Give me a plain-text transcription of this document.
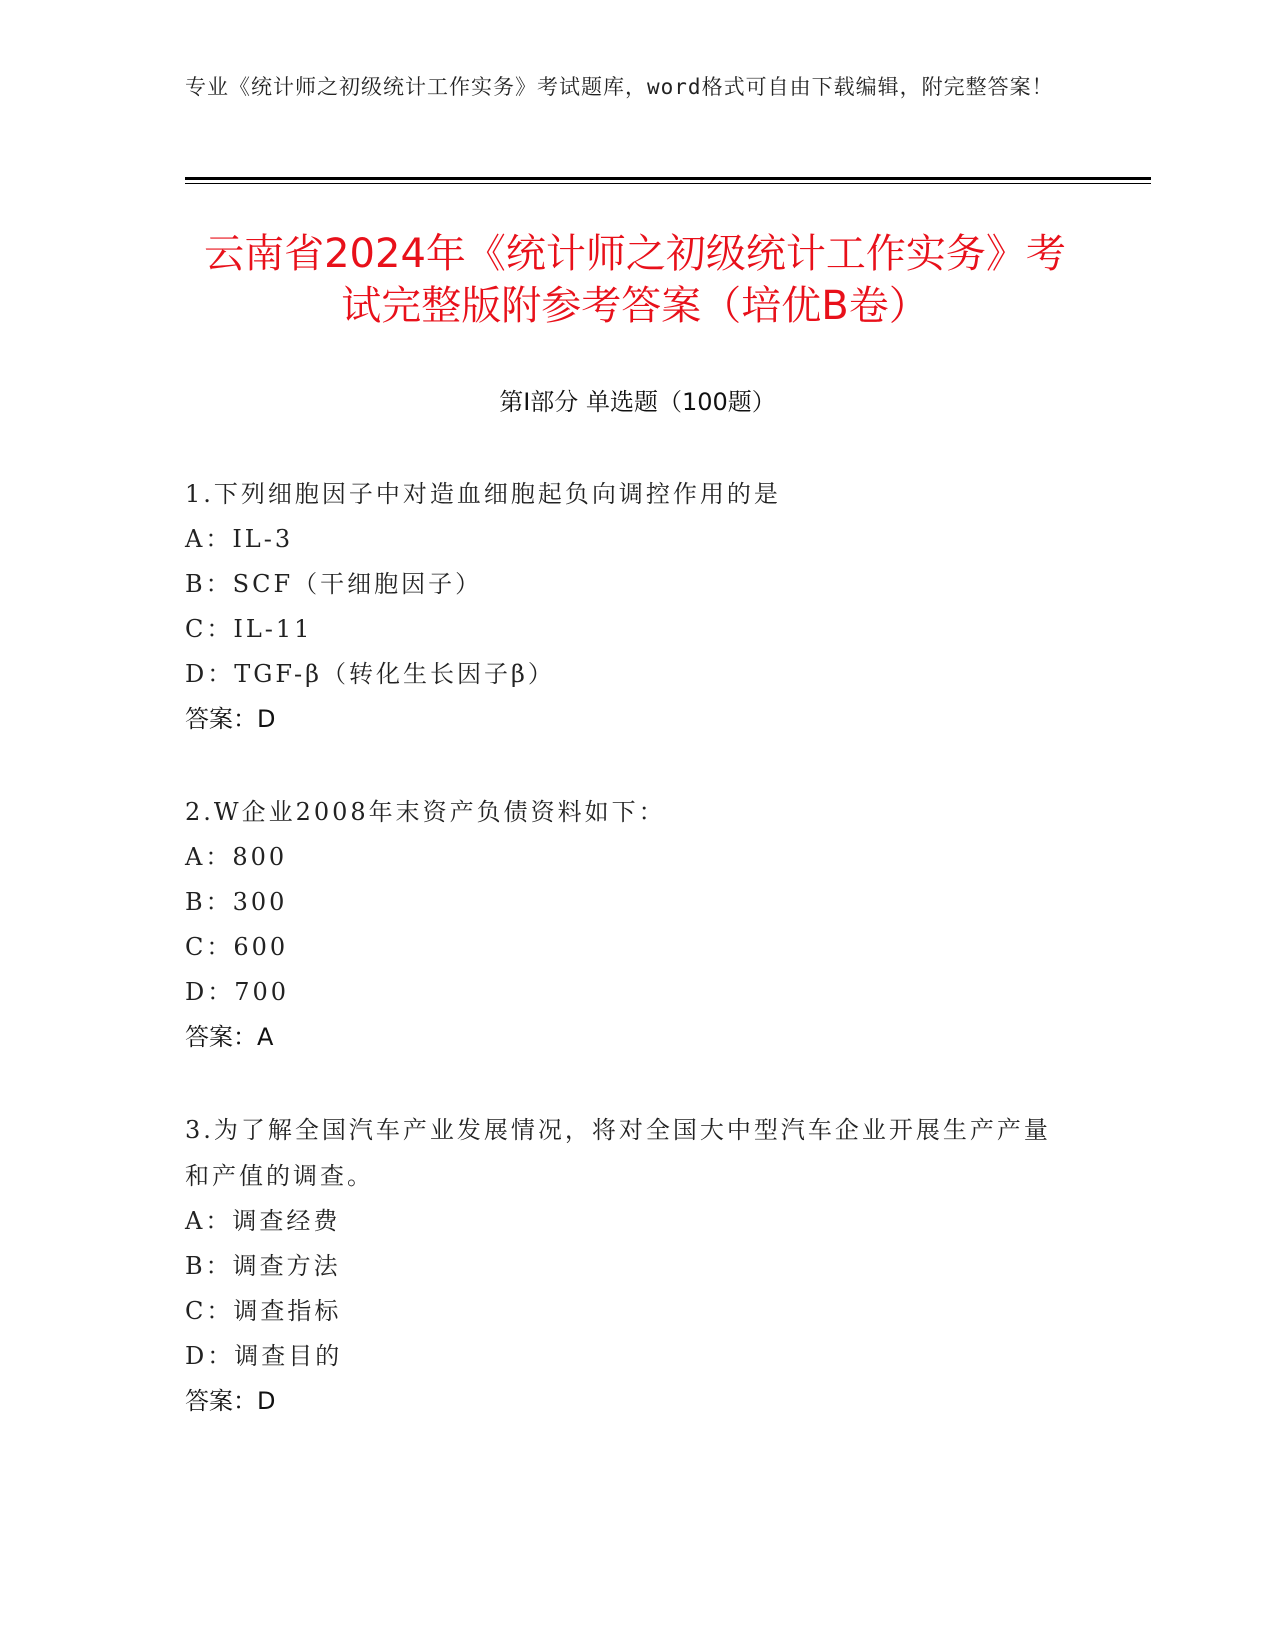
专业《统计师之初级统计工作实务》考试题库，word格式可自由下载编辑，附完整答案！
云南省2024年《统计师之初级统计工作实务》考试完整版附参考答案（培优B卷）
第Ⅰ部分 单选题（100题）
1.下列细胞因子中对造血细胞起负向调控作用的是
A：IL-3
B：SCF（干细胞因子）
C：IL-11
D：TGF-β（转化生长因子β）
答案：D
2.W企业2008年末资产负债资料如下：
A：800
B：300
C：600
D：700
答案：A
3.为了解全国汽车产业发展情况，将对全国大中型汽车企业开展生产产量和产值的调查。
A：调查经费
B：调查方法
C：调查指标
D：调查目的
答案：D
